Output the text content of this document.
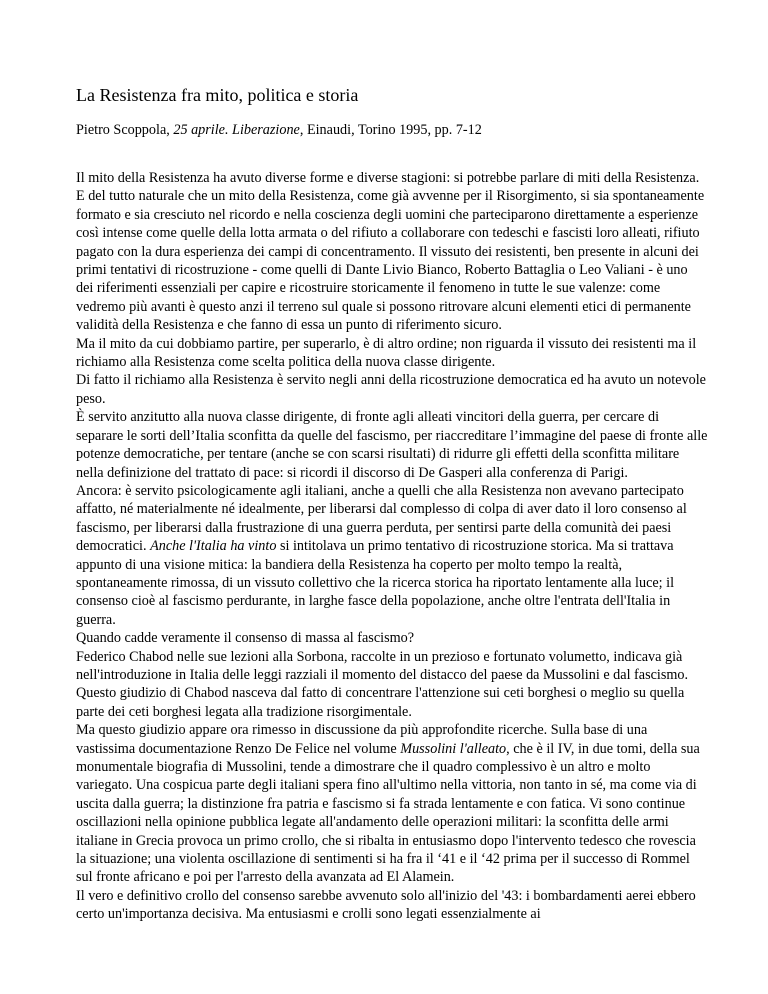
La Resistenza fra mito, politica e storia
Pietro Scoppola, 25 aprile. Liberazione, Einaudi, Torino 1995, pp. 7-12

Il mito della Resistenza ha avuto diverse forme e diverse stagioni: si potrebbe parlare di miti della Resistenza.

E del tutto naturale che un mito della Resistenza, come già avvenne per il Risorgimento, si sia spontaneamente formato e sia cresciuto nel ricordo e nella coscienza degli uomini che parteciparono direttamente a esperienze così intense come quelle della lotta armata o del rifiuto a collaborare con tedeschi e fascisti loro alleati, rifiuto pagato con la dura esperienza dei campi di concentramento. Il vissuto dei resistenti, ben presente in alcuni dei primi tentativi di ricostruzione - come quelli di Dante Livio Bianco, Roberto Battaglia o Leo Valiani - è uno dei riferimenti essenziali per capire e ricostruire storicamente il fenomeno in tutte le sue valenze: come vedremo più avanti è questo anzi il terreno sul quale si possono ritrovare alcuni elementi etici di permanente validità della Resistenza e che fanno di essa un punto di riferimento sicuro.

Ma il mito da cui dobbiamo partire, per superarlo, è di altro ordine; non riguarda il vissuto dei resistenti ma il richiamo alla Resistenza come scelta politica della nuova classe dirigente.

Di fatto il richiamo alla Resistenza è servito negli anni della ricostruzione democratica ed ha avuto un notevole peso.

È servito anzitutto alla nuova classe dirigente, di fronte agli alleati vincitori della guerra, per cercare di separare le sorti dell’Italia sconfitta da quelle del fascismo, per riaccreditare l’immagine del paese di fronte alle potenze democratiche, per tentare (anche se con scarsi risultati) di ridurre gli effetti della sconfitta militare nella definizione del trattato di pace: si ricordi il discorso di De Gasperi alla conferenza di Parigi.

Ancora: è servito psicologicamente agli italiani, anche a quelli che alla Resistenza non avevano partecipato affatto, né materialmente né idealmente, per liberarsi dal complesso di colpa di aver dato il loro consenso al fascismo, per liberarsi dalla frustrazione di una guerra perduta, per sentirsi parte della comunità dei paesi democratici. Anche l'Italia ha vinto si intitolava un primo tentativo di ricostruzione storica. Ma si trattava appunto di una visione mitica: la bandiera della Resistenza ha coperto per molto tempo la realtà, spontaneamente rimossa, di un vissuto collettivo che la ricerca storica ha riportato lentamente alla luce; il consenso cioè al fascismo perdurante, in larghe fasce della popolazione, anche oltre l'entrata dell'Italia in guerra.

Quando cadde veramente il consenso di massa al fascismo?

Federico Chabod nelle sue lezioni alla Sorbona, raccolte in un prezioso e fortunato volumetto, indicava già nell'introduzione in Italia delle leggi razziali il momento del distacco del paese da Mussolini e dal fascismo. Questo giudizio di Chabod nasceva dal fatto di concentrare l'attenzione sui ceti borghesi o meglio su quella parte dei ceti borghesi legata alla tradizione risorgimentale.

Ma questo giudizio appare ora rimesso in discussione da più approfondite ricerche. Sulla base di una vastissima documentazione Renzo De Felice nel volume Mussolini l'alleato, che è il IV, in due tomi, della sua monumentale biografia di Mussolini, tende a dimostrare che il quadro complessivo è un altro e molto variegato. Una cospicua parte degli italiani spera fino all'ultimo nella vittoria, non tanto in sé, ma come via di uscita dalla guerra; la distinzione fra patria e fascismo si fa strada lentamente e con fatica. Vi sono continue oscillazioni nella opinione pubblica legate all'andamento delle operazioni militari: la sconfitta delle armi italiane in Grecia provoca un primo crollo, che si ribalta in entusiasmo dopo l'intervento tedesco che rovescia la situazione; una violenta oscillazione di sentimenti si ha fra il ‘41 e il ‘42 prima per il successo di Rommel sul fronte africano e poi per l'arresto della avanzata ad El Alamein.

Il vero e definitivo crollo del consenso sarebbe avvenuto solo all'inizio del '43: i bombardamenti aerei ebbero certo un'importanza decisiva. Ma entusiasmi e crolli sono legati essenzialmente ai
